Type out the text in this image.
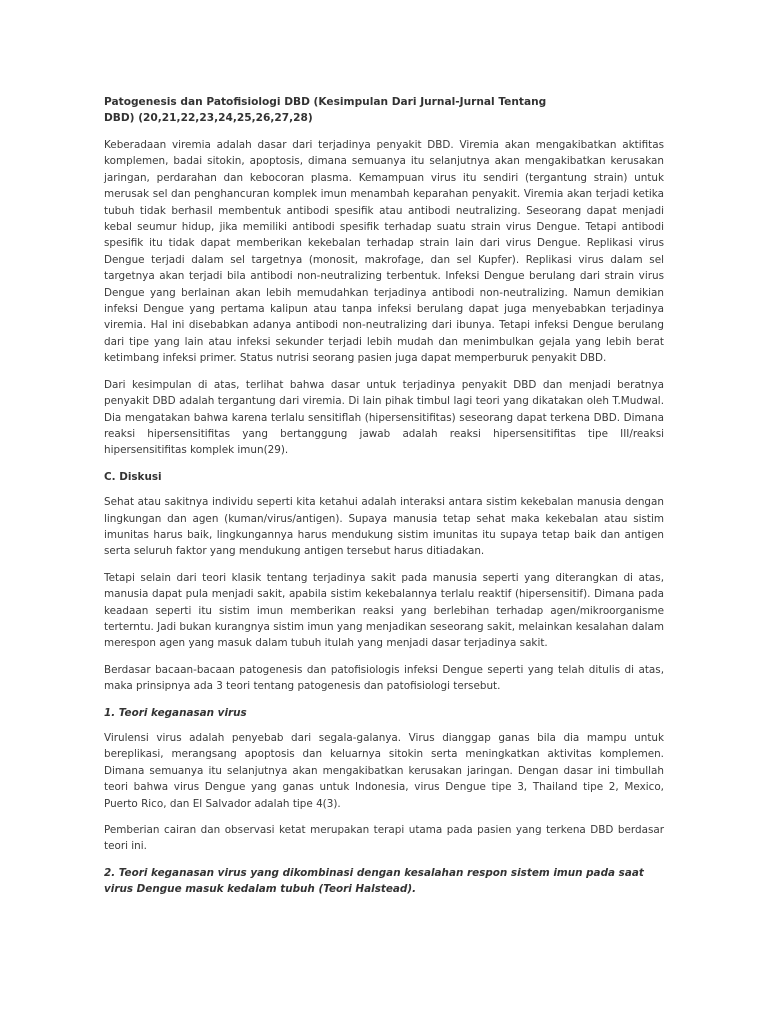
Patogenesis dan Patofisiologi DBD (Kesimpulan Dari Jurnal-Jurnal Tentang
DBD) (20,21,22,23,24,25,26,27,28)

Keberadaan viremia adalah dasar dari terjadinya penyakit DBD. Viremia akan mengakibatkan aktifitas komplemen, badai sitokin, apoptosis, dimana semuanya itu selanjutnya akan mengakibatkan kerusakan jaringan, perdarahan dan kebocoran plasma. Kemampuan virus itu sendiri (tergantung strain) untuk merusak sel dan penghancuran komplek imun menambah keparahan penyakit. Viremia akan terjadi ketika tubuh tidak berhasil membentuk antibodi spesifik atau antibodi neutralizing. Seseorang dapat menjadi kebal seumur hidup, jika memiliki antibodi spesifik terhadap suatu strain virus Dengue. Tetapi antibodi spesifik itu tidak dapat memberikan kekebalan terhadap strain lain dari virus Dengue. Replikasi virus Dengue terjadi dalam sel targetnya (monosit, makrofage, dan sel Kupfer). Replikasi virus dalam sel targetnya akan terjadi bila antibodi non-neutralizing terbentuk. Infeksi Dengue berulang dari strain virus Dengue yang berlainan akan lebih memudahkan terjadinya antibodi non-neutralizing. Namun demikian infeksi Dengue yang pertama kalipun atau tanpa infeksi berulang dapat juga menyebabkan terjadinya viremia. Hal ini disebabkan adanya antibodi non-neutralizing dari ibunya. Tetapi infeksi Dengue berulang dari tipe yang lain atau infeksi sekunder terjadi lebih mudah dan menimbulkan gejala yang lebih berat ketimbang infeksi primer. Status nutrisi seorang pasien juga dapat memperburuk penyakit DBD.

Dari kesimpulan di atas, terlihat bahwa dasar untuk terjadinya penyakit DBD dan menjadi beratnya penyakit DBD adalah tergantung dari viremia. Di lain pihak timbul lagi teori yang dikatakan oleh T.Mudwal. Dia mengatakan bahwa karena terlalu sensitiflah (hipersensitifitas) seseorang dapat terkena DBD. Dimana reaksi hipersensitifitas yang bertanggung jawab adalah reaksi hipersensitifitas tipe III/reaksi hipersensitifitas komplek imun(29).

C. Diskusi

Sehat atau sakitnya individu seperti kita ketahui adalah interaksi antara sistim kekebalan manusia dengan lingkungan dan agen (kuman/virus/antigen). Supaya manusia tetap sehat maka kekebalan atau sistim imunitas harus baik, lingkungannya harus mendukung sistim imunitas itu supaya tetap baik dan antigen serta seluruh faktor yang mendukung antigen tersebut harus ditiadakan.

Tetapi selain dari teori klasik tentang terjadinya sakit pada manusia seperti yang diterangkan di atas, manusia dapat pula menjadi sakit, apabila sistim kekebalannya terlalu reaktif (hipersensitif). Dimana pada keadaan seperti itu sistim imun memberikan reaksi yang berlebihan terhadap agen/mikroorganisme terterntu. Jadi bukan kurangnya sistim imun yang menjadikan seseorang sakit, melainkan kesalahan dalam merespon agen yang masuk dalam tubuh itulah yang menjadi dasar terjadinya sakit.

Berdasar bacaan-bacaan patogenesis dan patofisiologis infeksi Dengue seperti yang telah ditulis di atas, maka prinsipnya ada 3 teori tentang patogenesis dan patofisiologi tersebut.

1. Teori keganasan virus

Virulensi virus adalah penyebab dari segala-galanya. Virus dianggap ganas bila dia mampu untuk bereplikasi, merangsang apoptosis dan keluarnya sitokin serta meningkatkan aktivitas komplemen. Dimana semuanya itu selanjutnya akan mengakibatkan kerusakan jaringan. Dengan dasar ini timbullah teori bahwa virus Dengue yang ganas untuk Indonesia, virus Dengue tipe 3, Thailand tipe 2, Mexico, Puerto Rico, dan El Salvador adalah tipe 4(3).

Pemberian cairan dan observasi ketat merupakan terapi utama pada pasien yang terkena DBD berdasar teori ini.

2. Teori keganasan virus yang dikombinasi dengan kesalahan respon sistem imun pada saat virus Dengue masuk kedalam tubuh (Teori Halstead).
